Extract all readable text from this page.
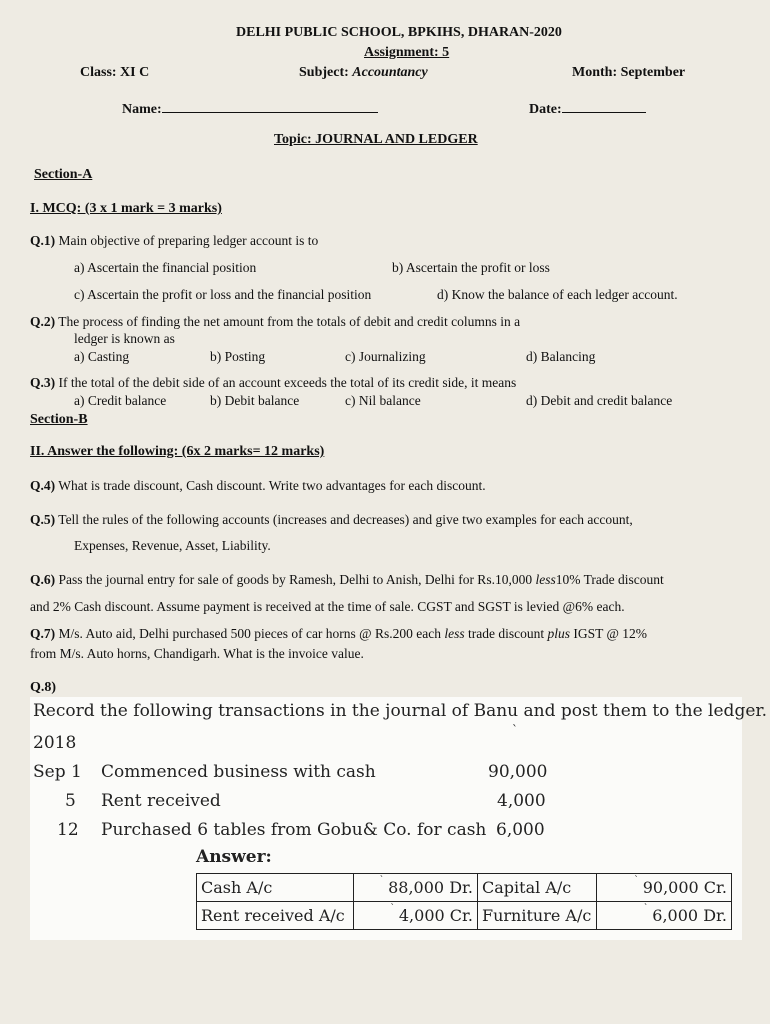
DELHI PUBLIC SCHOOL, BPKIHS, DHARAN-2020
Assignment: 5
Class: XI C	Subject: Accountancy	Month: September
Name:	Date:
Topic: JOURNAL AND LEDGER
Section-A
I. MCQ: (3 x 1 mark = 3 marks)
Q.1) Main objective of preparing ledger account is to
a) Ascertain the financial position	b) Ascertain the profit or loss
c) Ascertain the profit or loss and the financial position	d) Know the balance of each ledger account.
Q.2) The process of finding the net amount from the totals of debit and credit columns in a
ledger is known as
a) Casting	b) Posting	c) Journalizing	d) Balancing
Q.3) If the total of the debit side of an account exceeds the total of its credit side, it means
a) Credit balance	b) Debit balance	c) Nil balance	d) Debit and credit balance
Section-B
II. Answer the following: (6x 2 marks= 12 marks)
Q.4) What is trade discount, Cash discount. Write two advantages for each discount.
Q.5) Tell the rules of the following accounts (increases and decreases) and give two examples for each account,
Expenses, Revenue, Asset, Liability.
Q.6) Pass the journal entry for sale of goods by Ramesh, Delhi to Anish, Delhi for Rs.10,000 less10% Trade discount
and 2% Cash discount. Assume payment is received at the time of sale. CGST and SGST is levied @6% each.
Q.7) M/s. Auto aid, Delhi purchased 500 pieces of car horns @ Rs.200 each less trade discount plus IGST @ 12%
from M/s. Auto horns, Chandigarh. What is the invoice value.
Q.8)
Record the following transactions in the journal of Banu and post them to the ledger.
2018
`
Sep 1 Commenced business with cash	90,000
5 Rent received	4,000
12 Purchased 6 tables from Gobu& Co. for cash 6,000
Answer:
Cash A/c	` 88,000 Dr.	Capital A/c	` 90,000 Cr.
Rent received A/c	` 4,000 Cr.	Furniture A/c	` 6,000 Dr.
